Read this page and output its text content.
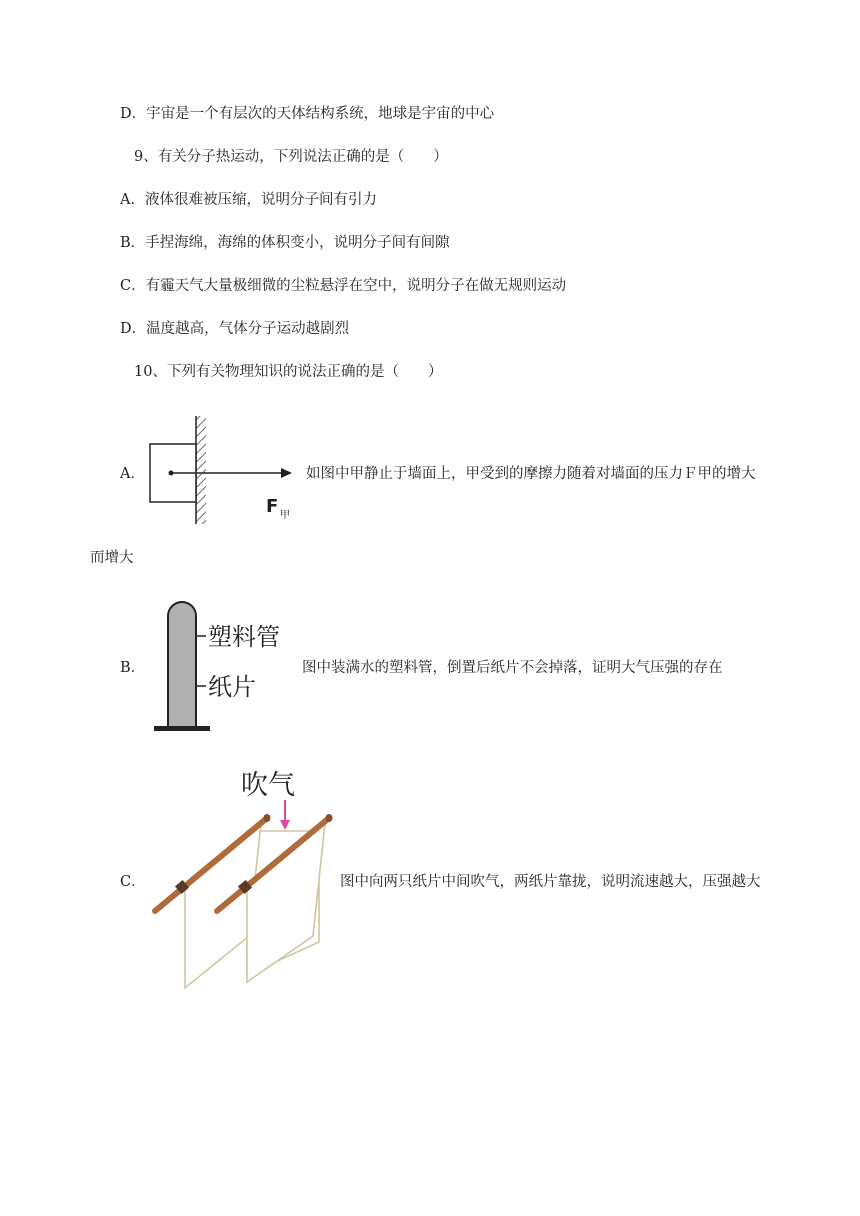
D．宇宙是一个有层次的天体结构系统，地球是宇宙的中心
9、有关分子热运动，下列说法正确的是（　　）
A．液体很难被压缩，说明分子间有引力
B．手捏海绵，海绵的体积变小，说明分子间有间隙
C．有霾天气大量极细微的尘粒悬浮在空中，说明分子在做无规则运动
D．温度越高，气体分子运动越剧烈
10、下列有关物理知识的说法正确的是（　　）
A．
F 甲
如图中甲静止于墙面上，甲受到的摩擦力随着对墙面的压力Ｆ甲的增大
而增大
B．
塑料管
纸片
图中装满水的塑料管，倒置后纸片不会掉落，证明大气压强的存在
C．
吹气
图中向两只纸片中间吹气，两纸片靠拢，说明流速越大，压强越大
